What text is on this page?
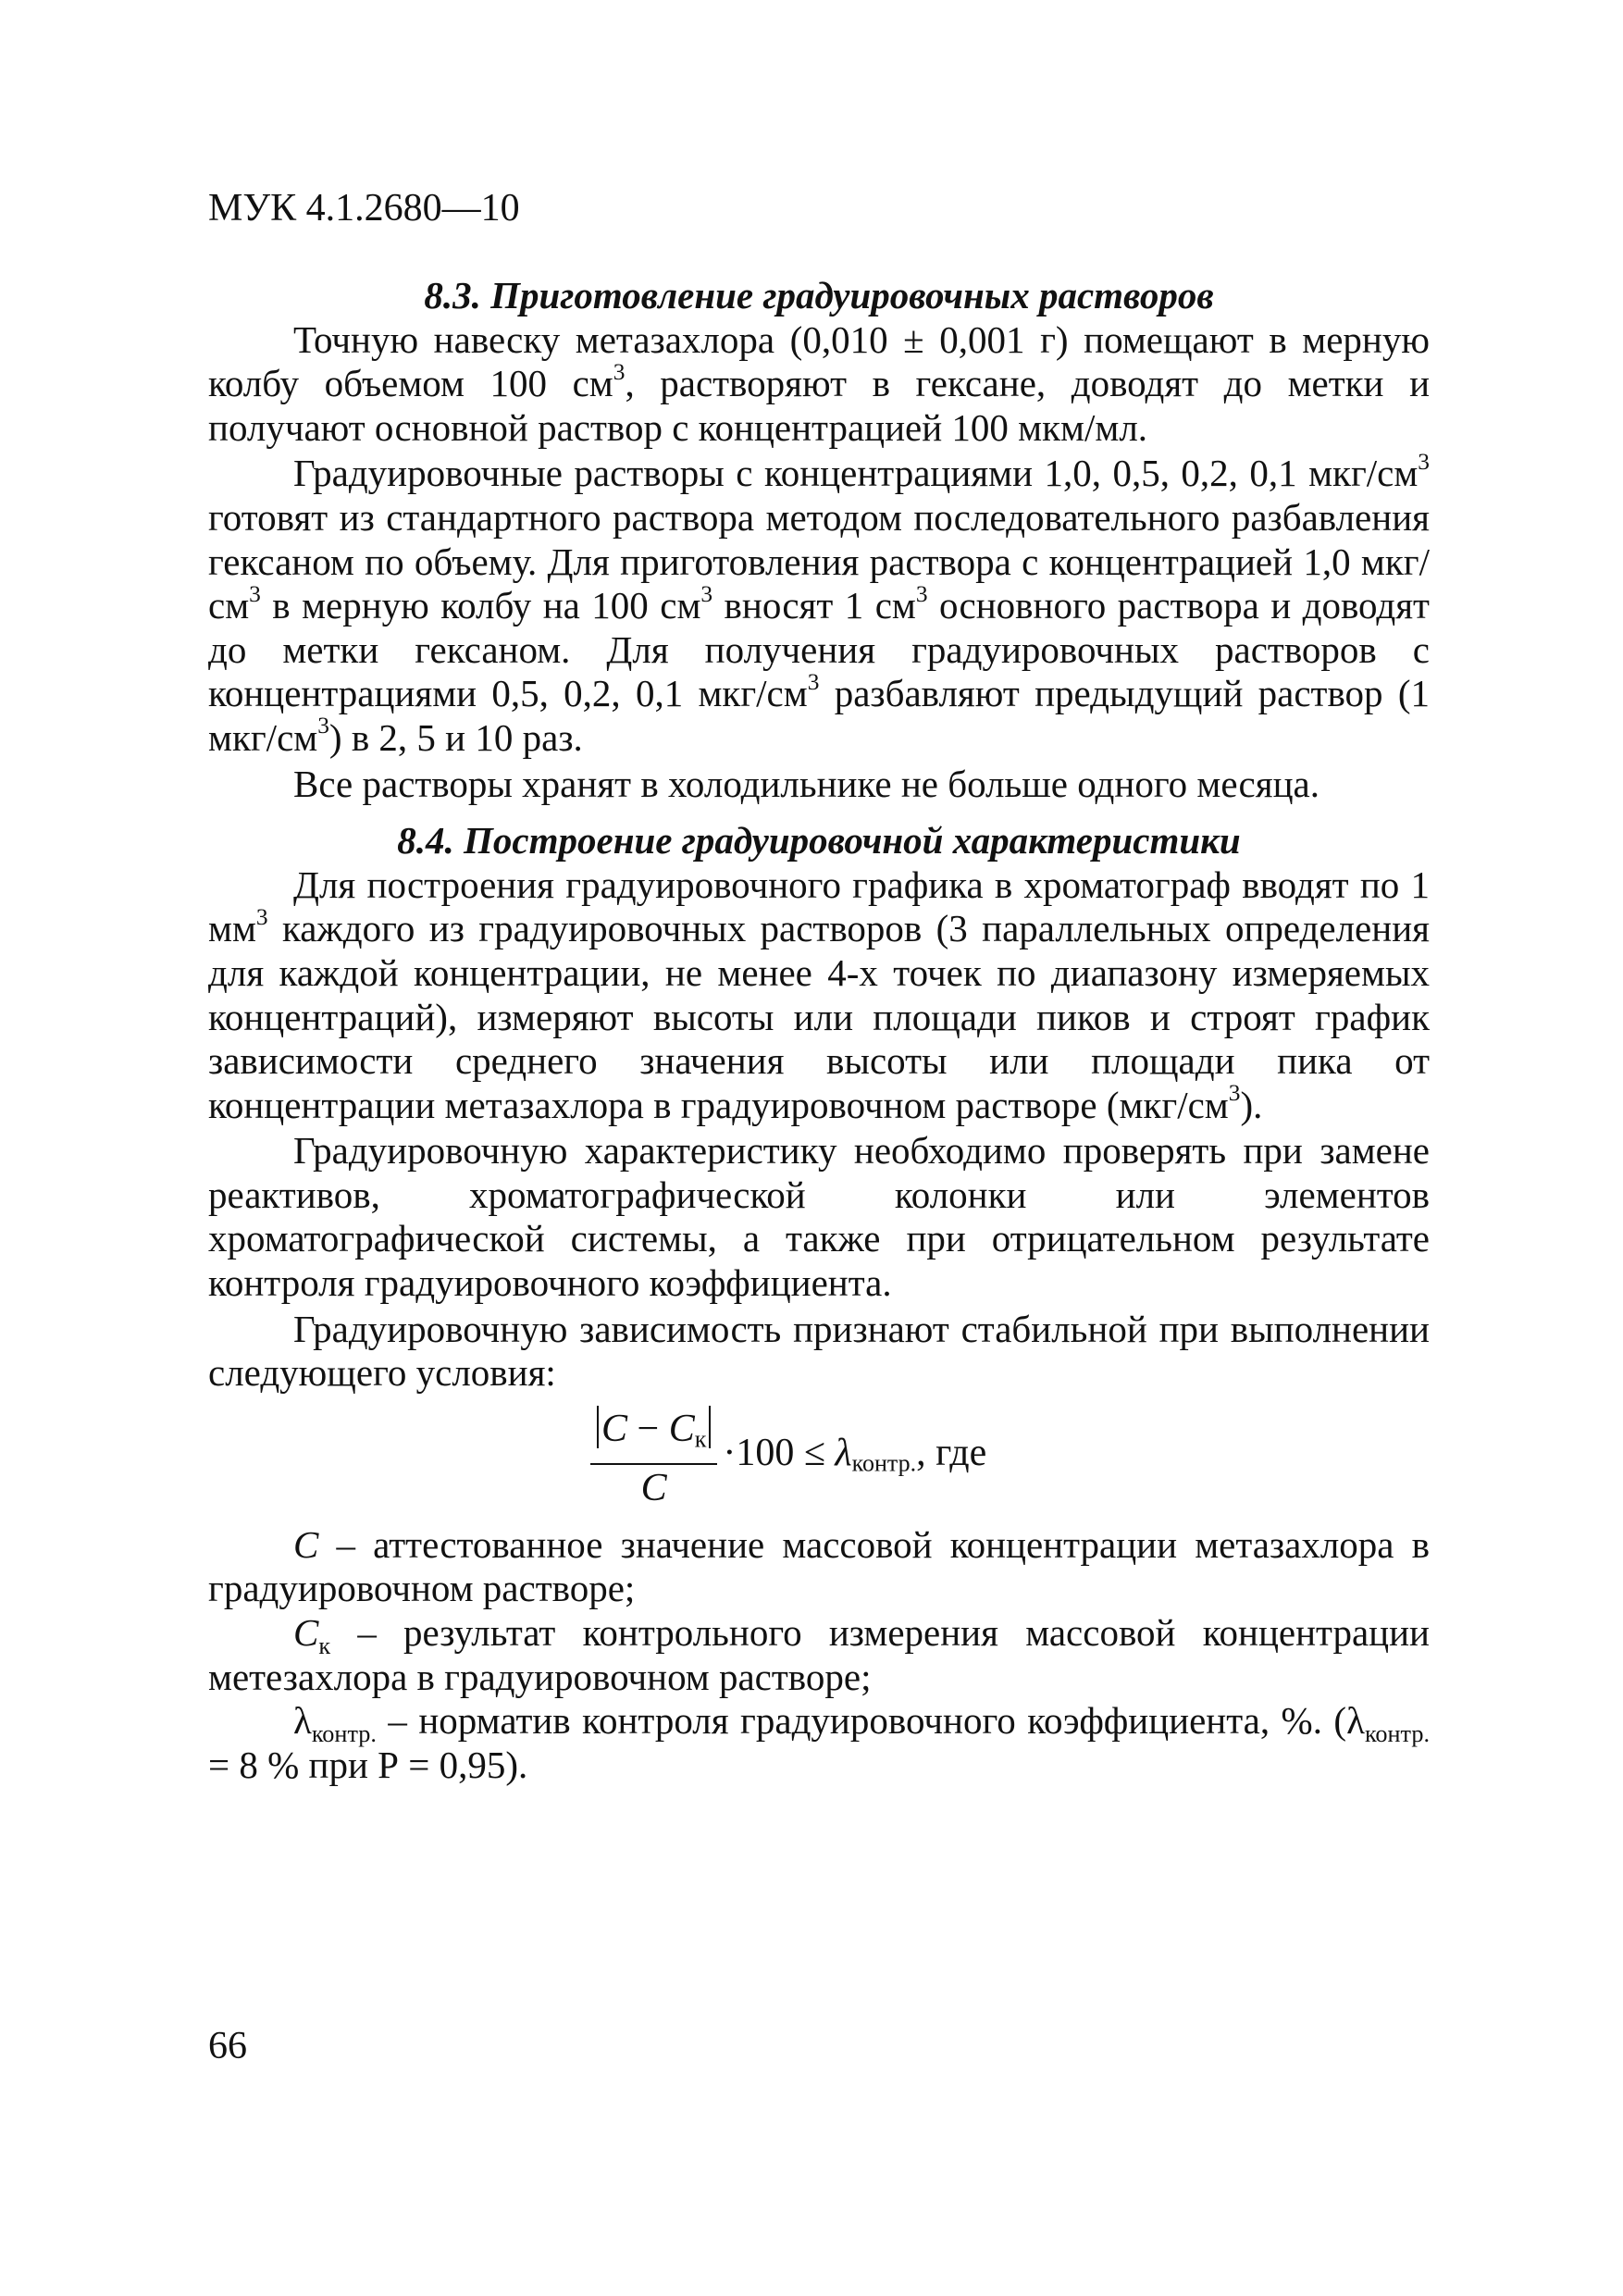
МУК 4.1.2680—10

8.3. Приготовление градуировочных растворов

Точную навеску метазахлора (0,010 ± 0,001 г) помещают в мерную колбу объемом 100 $см^3$, растворяют в гексане, доводят до метки и получают основной раствор с концентрацией 100 мкм/мл.

Градуировочные растворы с концентрациями 1,0, 0,5, 0,2, 0,1 мкг/$см^3$ готовят из стандартного раствора методом последовательного разбавления гексаном по объему. Для приготовления раствора с концентрацией 1,0 мкг/$см^3$ в мерную колбу на 100 $см^3$ вносят 1 $см^3$ основного раствора и доводят до метки гексаном. Для получения градуировочных растворов с концентрациями 0,5, 0,2, 0,1 мкг/$см^3$ разбавляют предыдущий раствор (1 мкг/$см^3$) в 2, 5 и 10 раз.

Все растворы хранят в холодильнике не больше одного месяца.

8.4. Построение градуировочной характеристики

Для построения градуировочного графика в хроматограф вводят по 1 $мм^3$ каждого из градуировочных растворов (3 параллельных определения для каждой концентрации, не менее 4-х точек по диапазону измеряемых концентраций), измеряют высоты или площади пиков и строят график зависимости среднего значения высоты или площади пика от концентрации метазахлора в градуировочном растворе $(мкг/см^3)$.

Градуировочную характеристику необходимо проверять при замене реактивов, хроматографической колонки или элементов хроматографической системы, а также при отрицательном результате контроля градуировочного коэффициента.

Градуировочную зависимость признают стабильной при выполнении следующего условия:

$\frac{C - Cк}{C} \cdot 100$ ≤ λконтр., где

C – аттестованное значение массовой концентрации метазахлора в градуировочном растворе;

$C_к$ – результат контрольного измерения массовой концентрации метезахлора в градуировочном растворе;

$\lambda_{контр.}$ – норматив контроля градуировочного коэффициента, %. ($\lambda_{контр.} = 8$ % при Р = 0,95).

66
